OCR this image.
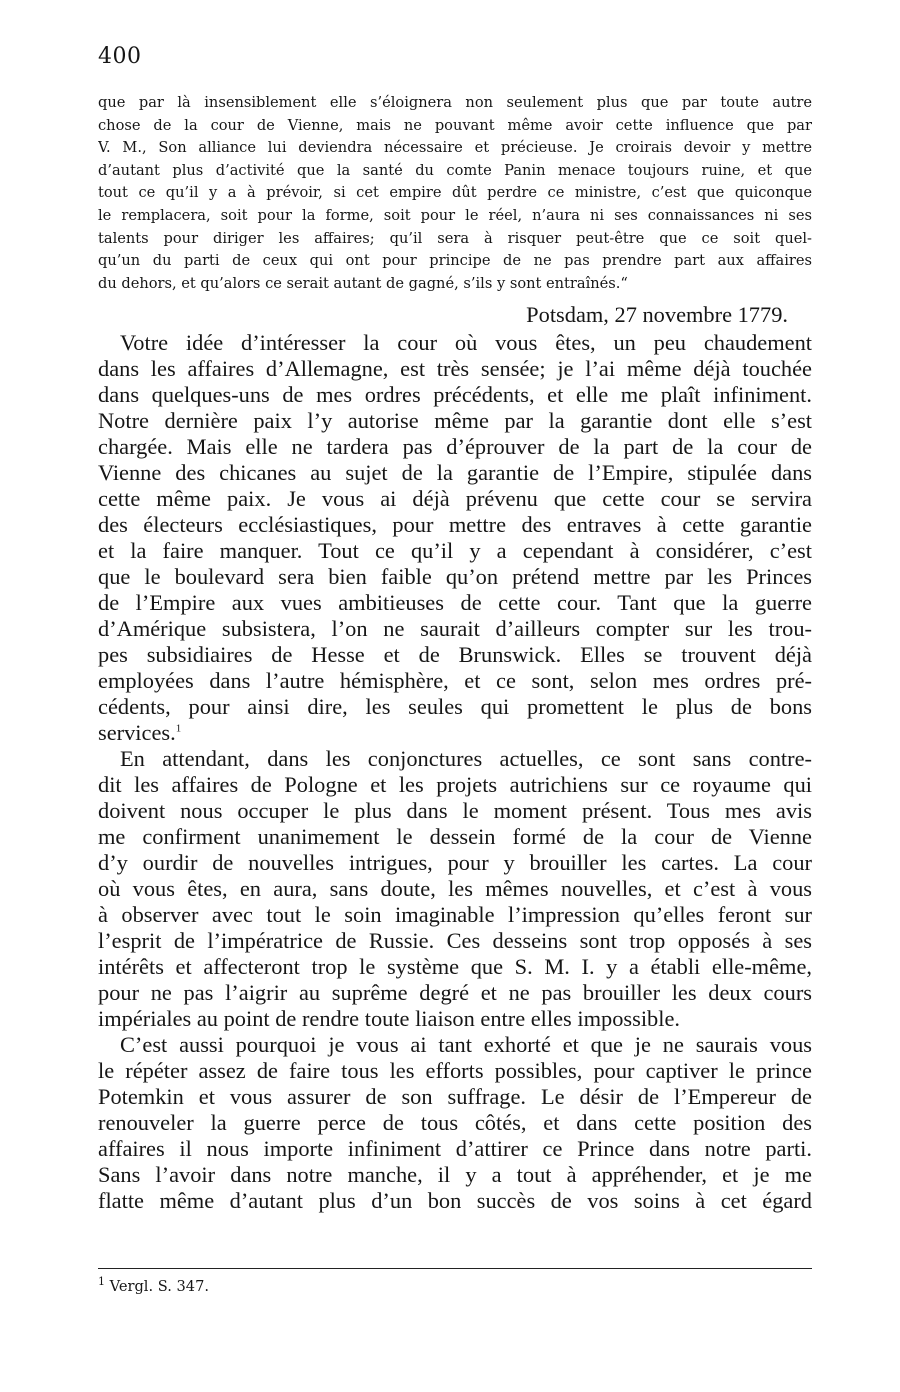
400
que par là insensiblement elle s’éloignera non seulement plus que par toute autre
chose de la cour de Vienne, mais ne pouvant même avoir cette influence que par
V. M., Son alliance lui deviendra nécessaire et précieuse. Je croirais devoir y mettre
d’autant plus d’activité que la santé du comte Panin menace toujours ruine, et que
tout ce qu’il y a à prévoir, si cet empire dût perdre ce ministre, c’est que quiconque
le remplacera, soit pour la forme, soit pour le réel, n’aura ni ses connaissances ni ses
talents pour diriger les affaires; qu’il sera à risquer peut-être que ce soit quel-
qu’un du parti de ceux qui ont pour principe de ne pas prendre part aux affaires
du dehors, et qu’alors ce serait autant de gagné, s’ils y sont entraînés.“
Potsdam, 27 novembre 1779.
Votre idée d’intéresser la cour où vous êtes, un peu chaudement
dans les affaires d’Allemagne, est très sensée; je l’ai même déjà touchée
dans quelques-uns de mes ordres précédents, et elle me plaît infiniment.
Notre dernière paix l’y autorise même par la garantie dont elle s’est
chargée. Mais elle ne tardera pas d’éprouver de la part de la cour de
Vienne des chicanes au sujet de la garantie de l’Empire, stipulée dans
cette même paix. Je vous ai déjà prévenu que cette cour se servira
des électeurs ecclésiastiques, pour mettre des entraves à cette garantie
et la faire manquer. Tout ce qu’il y a cependant à considérer, c’est
que le boulevard sera bien faible qu’on prétend mettre par les Princes
de l’Empire aux vues ambitieuses de cette cour. Tant que la guerre
d’Amérique subsistera, l’on ne saurait d’ailleurs compter sur les trou-
pes subsidiaires de Hesse et de Brunswick. Elles se trouvent déjà
employées dans l’autre hémisphère, et ce sont, selon mes ordres pré-
cédents, pour ainsi dire, les seules qui promettent le plus de bons
services.$^1$
En attendant, dans les conjonctures actuelles, ce sont sans contre-
dit les affaires de Pologne et les projets autrichiens sur ce royaume qui
doivent nous occuper le plus dans le moment présent. Tous mes avis
me confirment unanimement le dessein formé de la cour de Vienne
d’y ourdir de nouvelles intrigues, pour y brouiller les cartes. La cour
où vous êtes, en aura, sans doute, les mêmes nouvelles, et c’est à vous
à observer avec tout le soin imaginable l’impression qu’elles feront sur
l’esprit de l’impératrice de Russie. Ces desseins sont trop opposés à ses
intérêts et affecteront trop le système que S. M. I. y a établi elle-même,
pour ne pas l’aigrir au suprême degré et ne pas brouiller les deux cours
impériales au point de rendre toute liaison entre elles impossible.
C’est aussi pourquoi je vous ai tant exhorté et que je ne saurais vous
le répéter assez de faire tous les efforts possibles, pour captiver le prince
Potemkin et vous assurer de son suffrage. Le désir de l’Empereur de
renouveler la guerre perce de tous côtés, et dans cette position des
affaires il nous importe infiniment d’attirer ce Prince dans notre parti.
Sans l’avoir dans notre manche, il y a tout à appréhender, et je me
flatte même d’autant plus d’un bon succès de vos soins à cet égard
$^1$ Vergl. S. 347.
